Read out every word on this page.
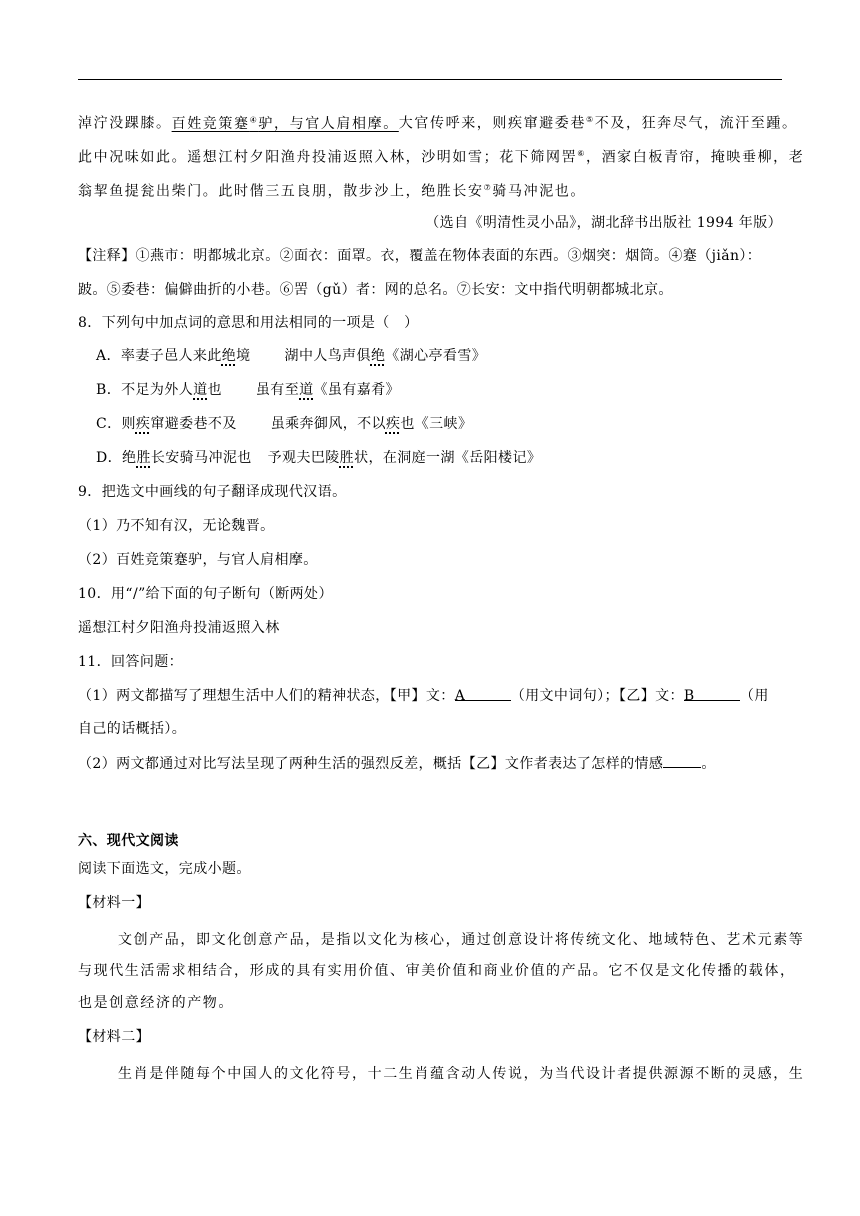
淖泞没踝膝。百姓竞策蹇④驴，与官人肩相摩。大官传呼来，则疾窜避委巷⑤不及，狂奔尽气，流汗至踵。
此中况味如此。遥想江村夕阳渔舟投浦返照入林，沙明如雪；花下筛网罟⑥，酒家白板青帘，掩映垂柳，老
翁挈鱼提瓮出柴门。此时偕三五良朋，散步沙上，绝胜长安⑦骑马冲泥也。
（选自《明清性灵小品》，湖北辞书出版社 1994 年版）
【注释】①燕市：明都城北京。②面衣：面罩。衣，覆盖在物体表面的东西。③烟突：烟筒。④蹇（jiǎn）：
跛。⑤委巷：偏僻曲折的小巷。⑥罟（gǔ）者：网的总名。⑦长安：文中指代明朝都城北京。
8．下列句中加点词的意思和用法相同的一项是（　）
A．率妻子邑人来此绝境 湖中人鸟声俱绝《湖心亭看雪》
B．不足为外人道也 虽有至道《虽有嘉肴》
C．则疾窜避委巷不及 虽乘奔御风，不以疾也《三峡》
D．绝胜长安骑马冲泥也 予观夫巴陵胜状，在洞庭一湖《岳阳楼记》
9．把选文中画线的句子翻译成现代汉语。
（1）乃不知有汉，无论魏晋。
（2）百姓竞策蹇驴，与官人肩相摩。
10．用“/”给下面的句子断句（断两处）
遥想江村夕阳渔舟投浦返照入林
11．回答问题：
（1）两文都描写了理想生活中人们的精神状态，【甲】文：A	（用文中词句）；【乙】文：B	（用
自己的话概括）。
（2）两文都通过对比写法呈现了两种生活的强烈反差，概括【乙】文作者表达了怎样的情感	。
六、现代文阅读
阅读下面选文，完成小题。
【材料一】
文创产品，即文化创意产品，是指以文化为核心，通过创意设计将传统文化、地域特色、艺术元素等
与现代生活需求相结合，形成的具有实用价值、审美价值和商业价值的产品。它不仅是文化传播的载体，
也是创意经济的产物。
【材料二】
生肖是伴随每个中国人的文化符号，十二生肖蕴含动人传说，为当代设计者提供源源不断的灵感，生
